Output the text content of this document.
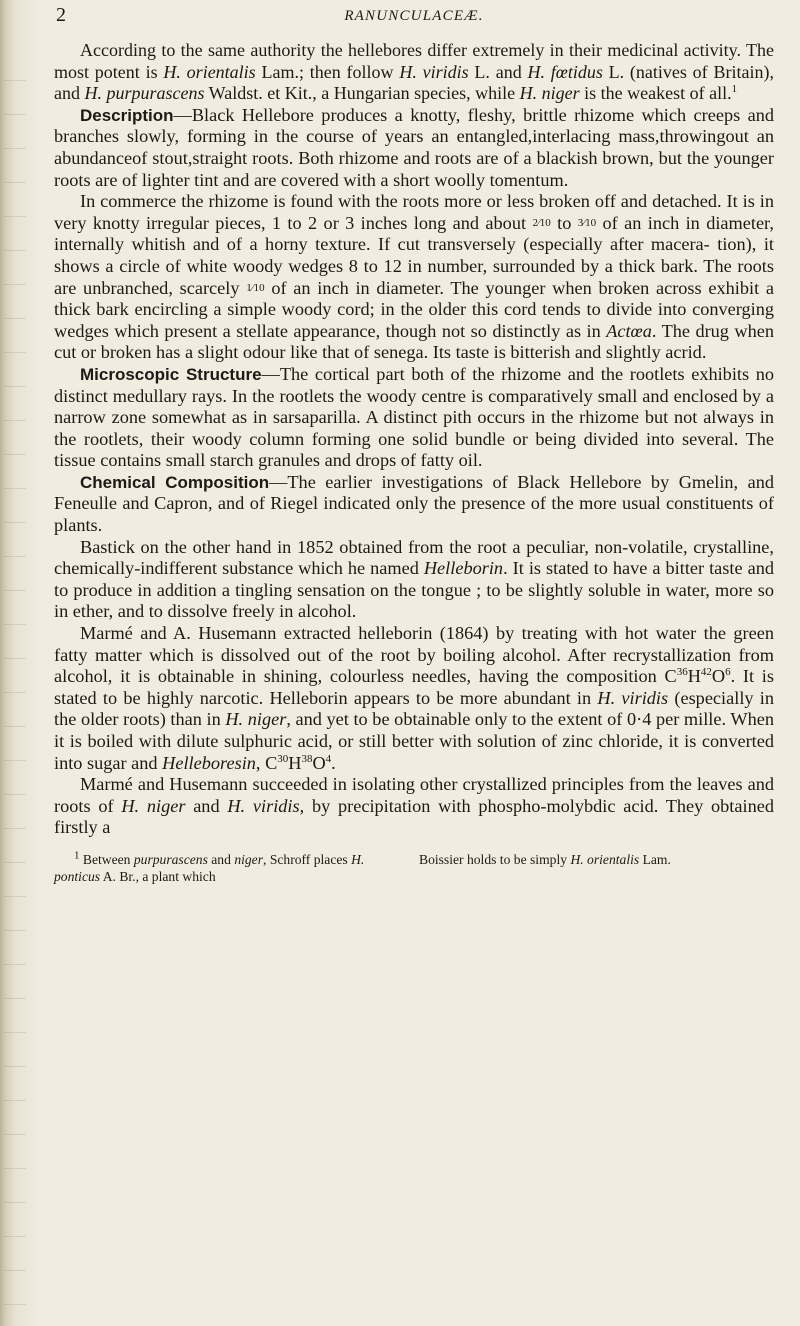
2	RANUNCULACEÆ.

According to the same authority the hellebores differ extremely in their medicinal activity. The most potent is H. orientalis Lam.; then follow H. viridis L. and H. fœtidus L. (natives of Britain), and H. purpurascens Waldst. et Kit., a Hungarian species, while H. niger is the weakest of all.$^1$

Description—Black Hellebore produces a knotty, fleshy, brittle rhizome which creeps and branches slowly, forming in the course of years an entangled,interlacing mass,throwingout an abundanceof stout,straight roots. Both rhizome and roots are of a blackish brown, but the younger roots are of lighter tint and are covered with a short woolly tomentum.

In commerce the rhizome is found with the roots more or less broken off and detached. It is in very knotty irregular pieces, 1 to 2 or 3 inches long and about 2⁄10 to 3⁄10 of an inch in diameter, internally whitish and of a horny texture. If cut transversely (especially after macera- tion), it shows a circle of white woody wedges 8 to 12 in number, surrounded by a thick bark. The roots are unbranched, scarcely 1⁄10 of an inch in diameter. The younger when broken across exhibit a thick bark encircling a simple woody cord; in the older this cord tends to divide into converging wedges which present a stellate appearance, though not so distinctly as in Actœa. The drug when cut or broken has a slight odour like that of senega. Its taste is bitterish and slightly acrid.

Microscopic Structure—The cortical part both of the rhizome and the rootlets exhibits no distinct medullary rays. In the rootlets the woody centre is comparatively small and enclosed by a narrow zone somewhat as in sarsaparilla. A distinct pith occurs in the rhizome but not always in the rootlets, their woody column forming one solid bundle or being divided into several. The tissue contains small starch granules and drops of fatty oil.

Chemical Composition—The earlier investigations of Black Hellebore by Gmelin, and Feneulle and Capron, and of Riegel indicated only the presence of the more usual constituents of plants.

Bastick on the other hand in 1852 obtained from the root a peculiar, non-volatile, crystalline, chemically-indifferent substance which he named Helleborin. It is stated to have a bitter taste and to produce in addition a tingling sensation on the tongue ; to be slightly soluble in water, more so in ether, and to dissolve freely in alcohol.

Marmé and A. Husemann extracted helleborin (1864) by treating with hot water the green fatty matter which is dissolved out of the root by boiling alcohol. After recrystallization from alcohol, it is obtainable in shining, colourless needles, having the composition $C^{36}H^{42}O^6$. It is stated to be highly narcotic. Helleborin appears to be more abundant in H. viridis (especially in the older roots) than in H. niger, and yet to be obtainable only to the extent of 0·4 per mille. When it is boiled with dilute sulphuric acid, or still better with solution of zinc chloride, it is converted into sugar and Helleboresin, $C^{30}H^{38}O^4$.

Marmé and Husemann succeeded in isolating other crystallized principles from the leaves and roots of H. niger and H. viridis, by precipitation with phospho-molybdic acid. They obtained firstly a

$^1$ Between purpurascens and niger, Schroff places H. ponticus A. Br., a plant which
Boissier holds to be simply H. orientalis Lam.
